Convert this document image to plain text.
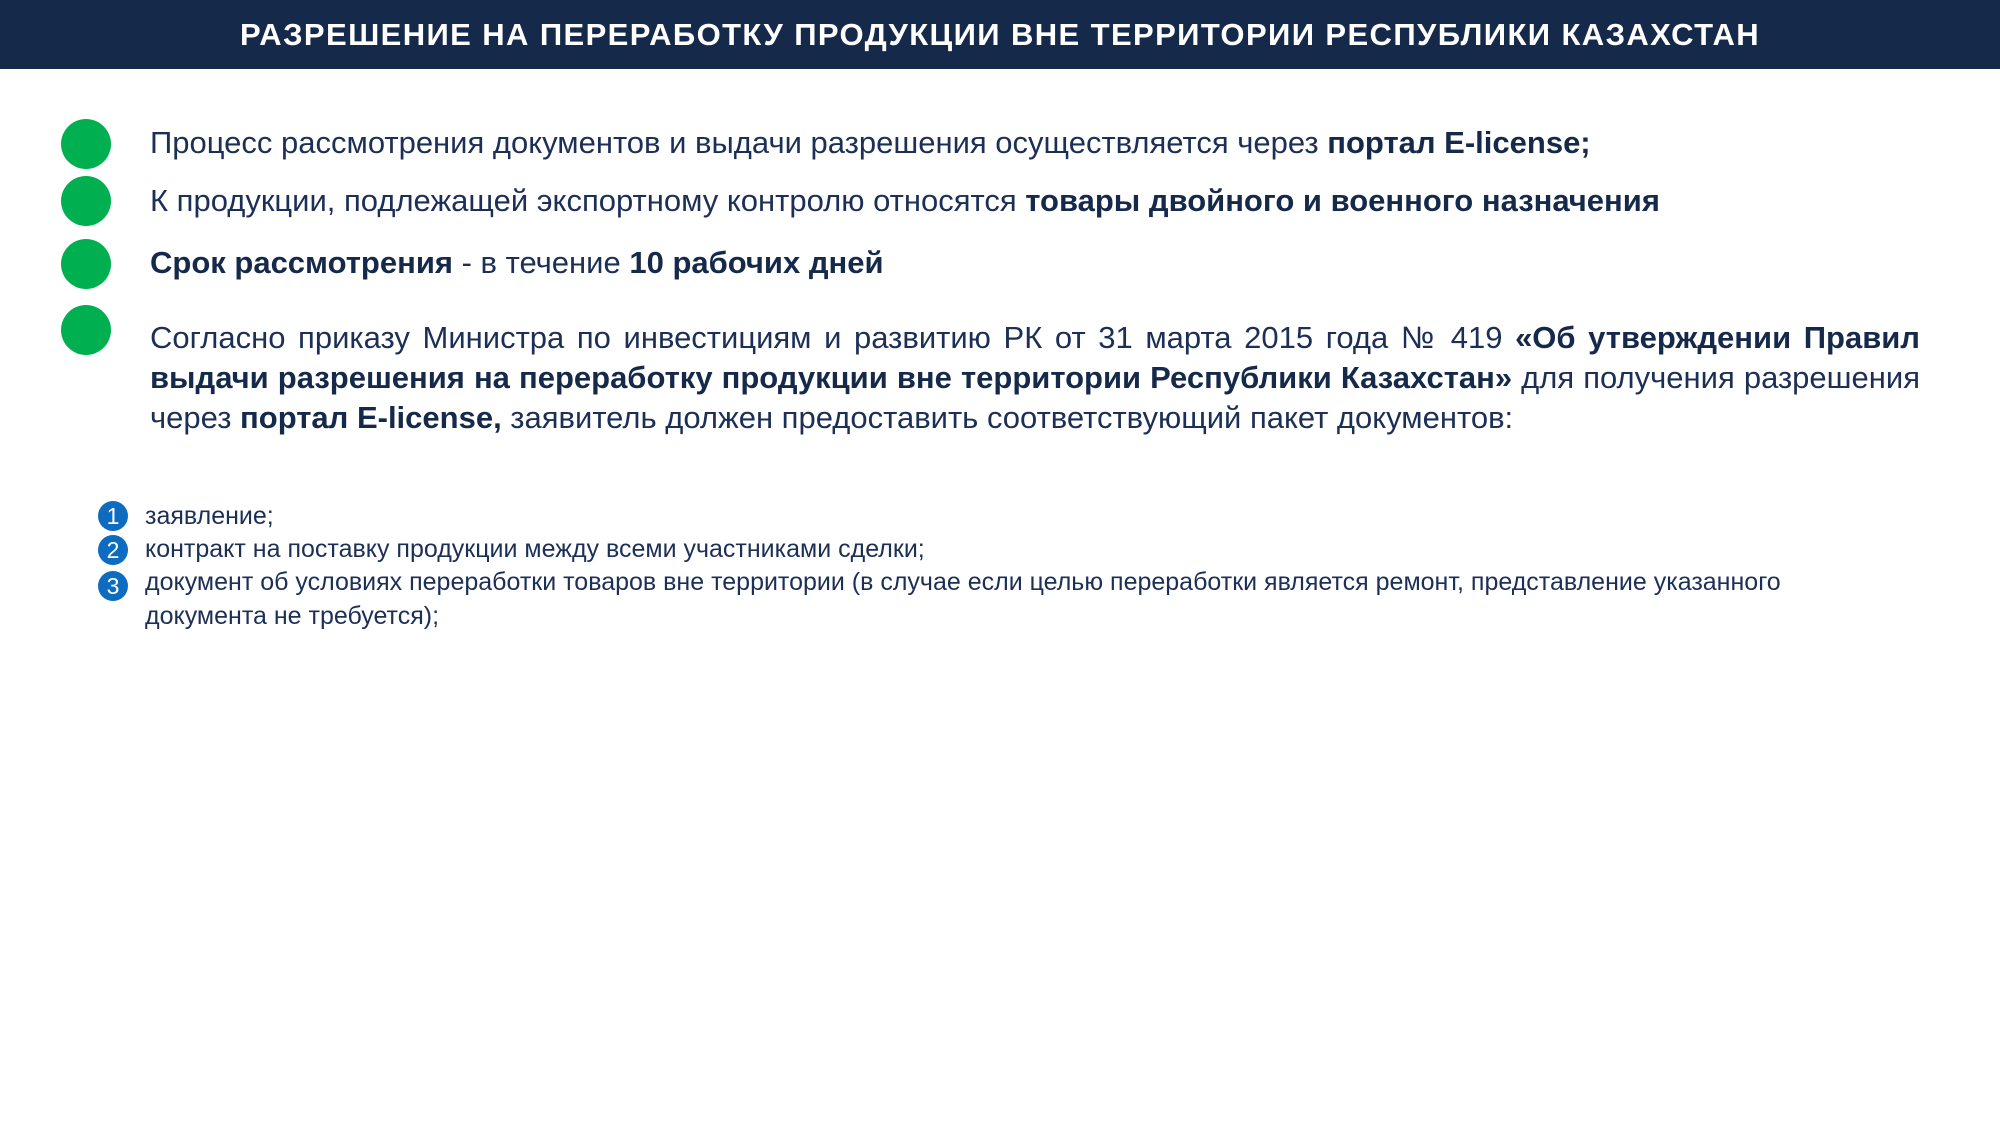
РАЗРЕШЕНИЕ НА ПЕРЕРАБОТКУ ПРОДУКЦИИ ВНЕ ТЕРРИТОРИИ РЕСПУБЛИКИ КАЗАХСТАН
Процесс рассмотрения документов и выдачи разрешения осуществляется через портал E-license;
К продукции, подлежащей экспортному контролю относятся товары двойного и военного назначения
Срок рассмотрения - в течение 10 рабочих дней
Согласно приказу Министра по инвестициям и развитию РК от 31 марта 2015 года № 419 «Об утверждении Правил выдачи разрешения на переработку продукции вне территории Республики Казахстан» для получения разрешения через портал E-license, заявитель должен предоставить соответствующий пакет документов:
1	заявление;
2	контракт на поставку продукции между всеми участниками сделки;
3	документ об условиях переработки товаров вне территории (в случае если целью переработки является ремонт, представление указанного документа не требуется);
